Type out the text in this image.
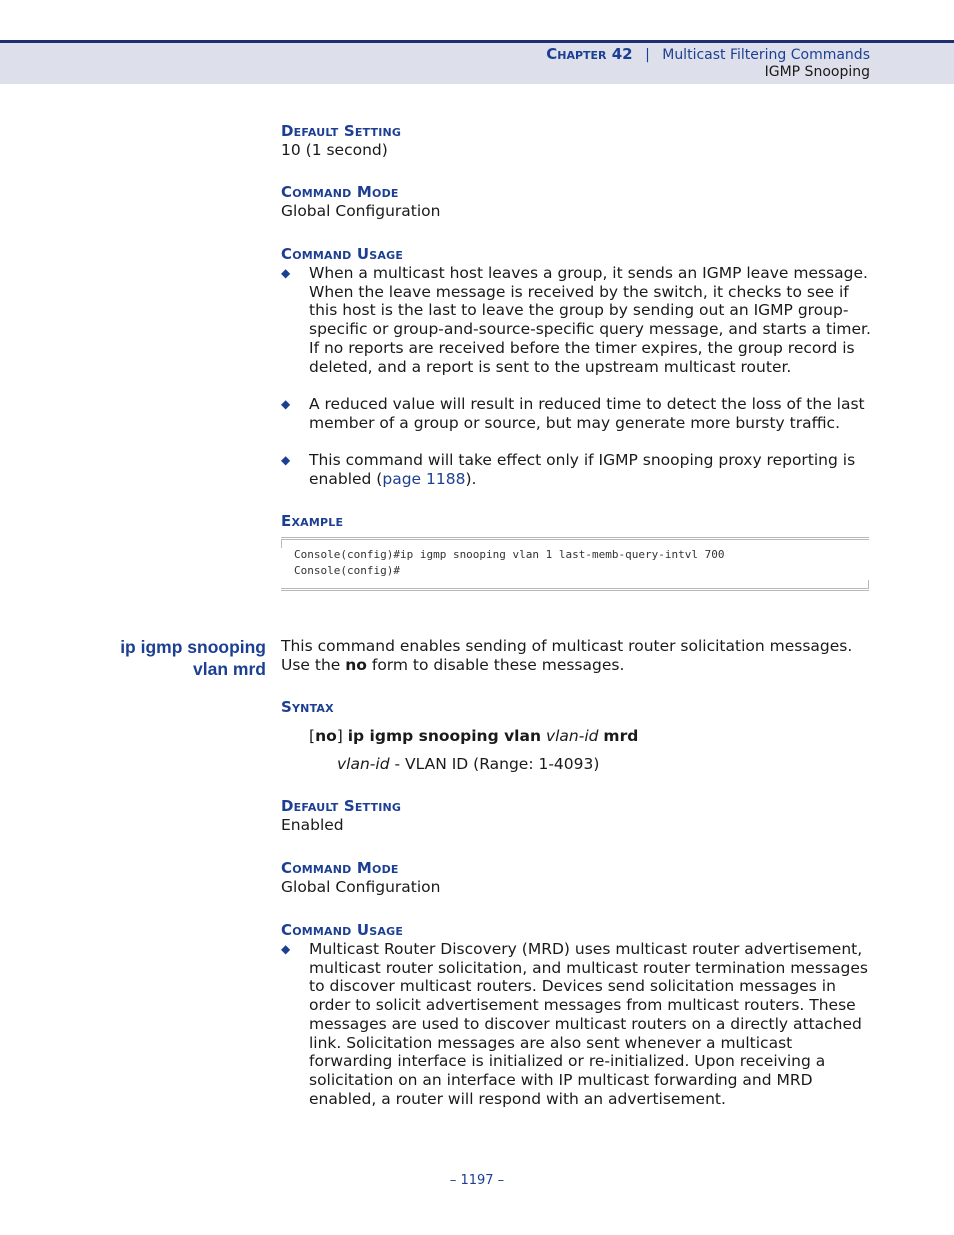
Chapter 42 | Multicast Filtering Commands
IGMP Snooping
Default Setting
10 (1 second)
Command Mode
Global Configuration
Command Usage
◆ When a multicast host leaves a group, it sends an IGMP leave message. When the leave message is received by the switch, it checks to see if this host is the last to leave the group by sending out an IGMP group-specific or group-and-source-specific query message, and starts a timer. If no reports are received before the timer expires, the group record is deleted, and a report is sent to the upstream multicast router.
◆ A reduced value will result in reduced time to detect the loss of the last member of a group or source, but may generate more bursty traffic.
◆ This command will take effect only if IGMP snooping proxy reporting is enabled (page 1188).
Example
Console(config)#ip igmp snooping vlan 1 last-memb-query-intvl 700
Console(config)#
ip igmp snooping
vlan mrd
This command enables sending of multicast router solicitation messages.
Use the no form to disable these messages.
Syntax
[no] ip igmp snooping vlan vlan-id mrd
vlan-id - VLAN ID (Range: 1-4093)
Default Setting
Enabled
Command Mode
Global Configuration
Command Usage
◆ Multicast Router Discovery (MRD) uses multicast router advertisement, multicast router solicitation, and multicast router termination messages to discover multicast routers. Devices send solicitation messages in order to solicit advertisement messages from multicast routers. These messages are used to discover multicast routers on a directly attached link. Solicitation messages are also sent whenever a multicast forwarding interface is initialized or re-initialized. Upon receiving a solicitation on an interface with IP multicast forwarding and MRD enabled, a router will respond with an advertisement.
– 1197 –
